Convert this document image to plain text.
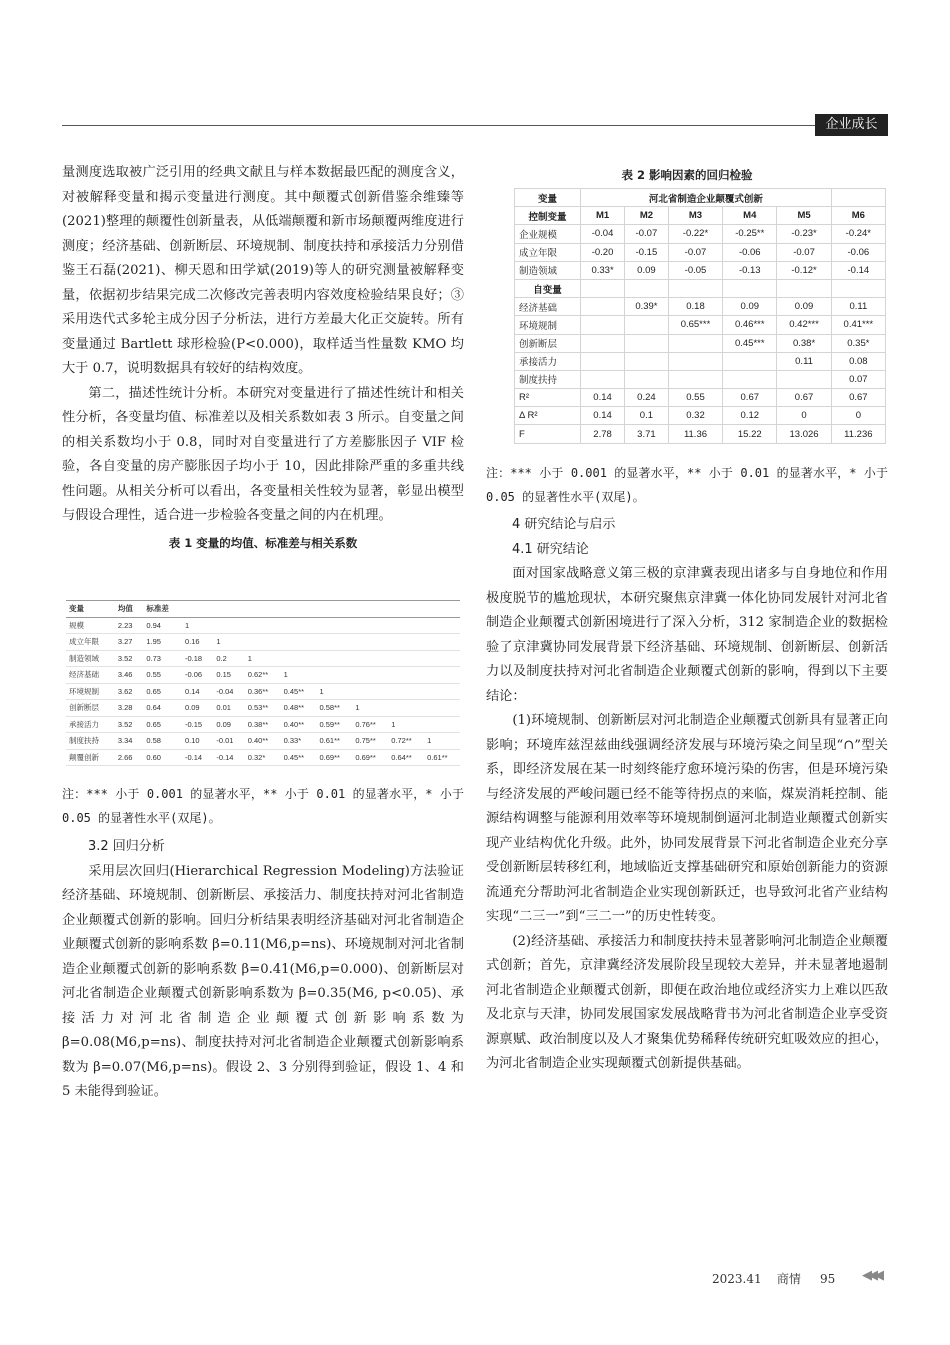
企业成长

量测度选取被广泛引用的经典文献且与样本数据最匹配的测度含义，对被解释变量和揭示变量进行测度。其中颠覆式创新借鉴余维臻等(2021)整理的颠覆性创新量表，从低端颠覆和新市场颠覆两维度进行测度；经济基础、创新断层、环境规制、制度扶持和承接活力分别借鉴王石磊(2021)、柳天恩和田学斌(2019)等人的研究测量被解释变量，依据初步结果完成二次修改完善表明内容效度检验结果良好；③采用迭代式多轮主成分因子分析法，进行方差最大化正交旋转。所有变量通过 Bartlett 球形检验(P<0.000)，取样适当性量数 KMO 均大于 0.7，说明数据具有较好的结构效度。

第二，描述性统计分析。本研究对变量进行了描述性统计和相关性分析，各变量均值、标准差以及相关系数如表 3 所示。自变量之间的相关系数均小于 0.8，同时对自变量进行了方差膨胀因子 VIF 检验，各自变量的房产膨胀因子均小于 10，因此排除严重的多重共线性问题。从相关分析可以看出，各变量相关性较为显著，彰显出模型与假设合理性，适合进一步检验各变量之间的内在机理。

表 1 变量的均值、标准差与相关系数

变量	均值	标准差								
规模	2.23	0.94	1							
成立年限	3.27	1.95	0.16	1						
制造领域	3.52	0.73	-0.18	0.2	1					
经济基础	3.46	0.55	-0.06	0.15	0.62**	1				
环境规制	3.62	0.65	0.14	-0.04	0.36**	0.45**	1			
创新断层	3.28	0.64	0.09	0.01	0.53**	0.48**	0.58**	1		
承接活力	3.52	0.65	-0.15	0.09	0.38**	0.40**	0.59**	0.76**	1	
制度扶持	3.34	0.58	0.10	-0.01	0.40**	0.33*	0.61**	0.75**	0.72**	1
颠覆创新	2.66	0.60	-0.14	-0.14	0.32*	0.45**	0.69**	0.69**	0.64**	0.61**
注：*** 小于 0.001 的显著水平，** 小于 0.01 的显著水平，* 小于 0.05 的显著性水平(双尾)。

3.2 回归分析

采用层次回归(Hierarchical Regression Modeling)方法验证经济基础、环境规制、创新断层、承接活力、制度扶持对河北省制造企业颠覆式创新的影响。回归分析结果表明经济基础对河北省制造企业颠覆式创新的影响系数 β=0.11(M6,p=ns)、环境规制对河北省制造企业颠覆式创新的影响系数 β=0.41(M6,p=0.000)、创新断层对河北省制造企业颠覆式创新影响系数为 β=0.35(M6, p<0.05)、承接活力对河北省制造企业颠覆式创新影响系数为 β=0.08(M6,p=ns)、制度扶持对河北省制造企业颠覆式创新影响系数为 β=0.07(M6,p=ns)。假设 2、3 分别得到验证，假设 1、4 和 5 未能得到验证。

表 2 影响因素的回归检验
变量	河北省制造企业颠覆式创新					
控制变量	M1	M2	M3	M4	M5	M6
企业规模	-0.04	-0.07	-0.22*	-0.25**	-0.23*	-0.24*
成立年限	-0.20	-0.15	-0.07	-0.06	-0.07	-0.06
制造领域	0.33*	0.09	-0.05	-0.13	-0.12*	-0.14
自变量						
经济基础		0.39*	0.18	0.09	0.09	0.11
环境规制			0.65***	0.46***	0.42***	0.41***
创新断层				0.45***	0.38*	0.35*
承接活力					0.11	0.08
制度扶持						0.07
R²	0.14	0.24	0.55	0.67	0.67	0.67
Δ R²	0.14	0.1	0.32	0.12	0	0
F	2.78	3.71	11.36	15.22	13.026	11.236
注：*** 小于 0.001 的显著水平，** 小于 0.01 的显著水平，* 小于 0.05 的显著性水平(双尾)。

4 研究结论与启示

4.1 研究结论

面对国家战略意义第三极的京津冀表现出诸多与自身地位和作用极度脱节的尴尬现状，本研究聚焦京津冀一体化协同发展针对河北省制造企业颠覆式创新困境进行了深入分析，312 家制造企业的数据检验了京津冀协同发展背景下经济基础、环境规制、创新断层、创新活力以及制度扶持对河北省制造企业颠覆式创新的影响，得到以下主要结论：

(1)环境规制、创新断层对河北制造企业颠覆式创新具有显著正向影响；环境库兹涅兹曲线强调经济发展与环境污染之间呈现“∩”型关系，即经济发展在某一时刻终能疗愈环境污染的伤害，但是环境污染与经济发展的严峻问题已经不能等待拐点的来临，煤炭消耗控制、能源结构调整与能源利用效率等环境规制倒逼河北制造业颠覆式创新实现产业结构优化升级。此外，协同发展背景下河北省制造企业充分享受创新断层转移红利，地域临近支撑基础研究和原始创新能力的资源流通充分帮助河北省制造企业实现创新跃迁，也导致河北省产业结构实现“二三一”到“三二一”的历史性转变。

(2)经济基础、承接活力和制度扶持未显著影响河北制造企业颠覆式创新；首先，京津冀经济发展阶段呈现较大差异，并未显著地遏制河北省制造企业颠覆式创新，即便在政治地位或经济实力上难以匹敌及北京与天津，协同发展国家发展战略背书为河北省制造企业享受资源禀赋、政治制度以及人才聚集优势稀释传统研究虹吸效应的担心，为河北省制造企业实现颠覆式创新提供基础。

2023.41 商情 95 ◀◀◀
